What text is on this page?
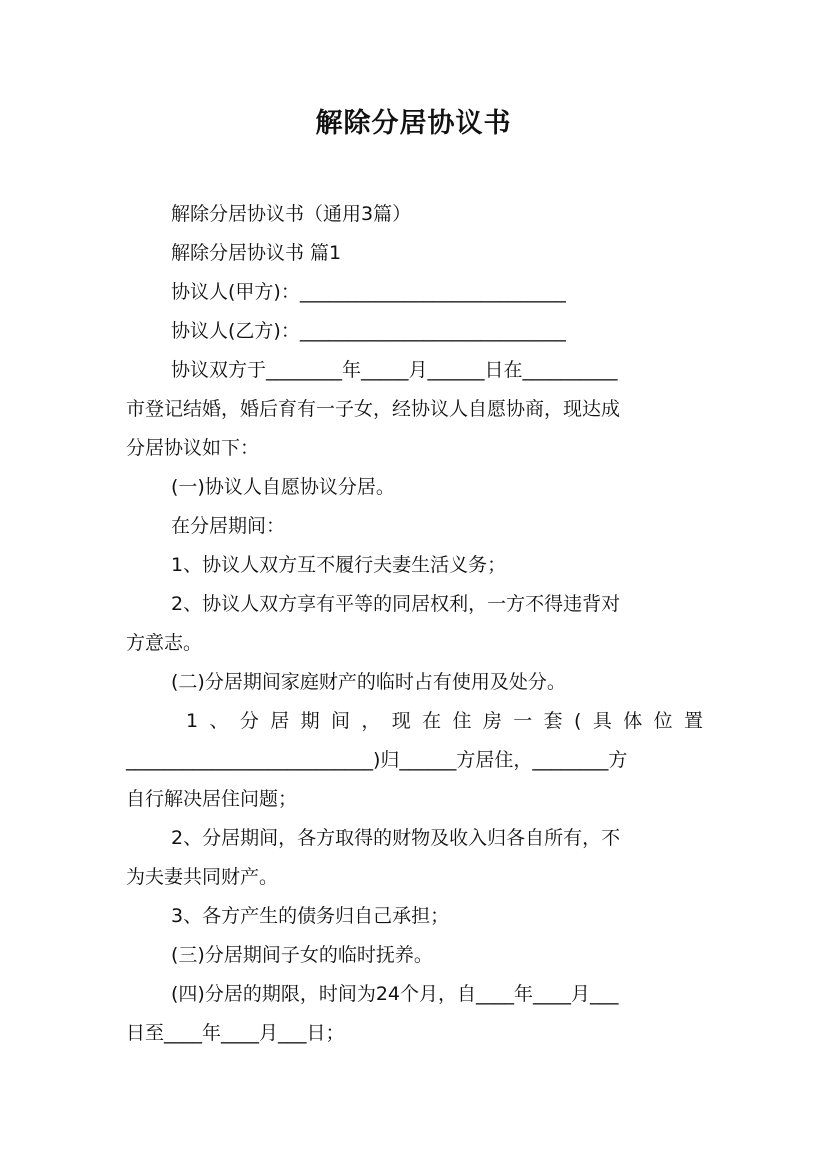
解除分居协议书
解除分居协议书（通用3篇）
解除分居协议书 篇1
协议人(甲方)：____________________________
协议人(乙方)：____________________________
协议双方于________年_____月______日在__________
市登记结婚，婚后育有一子女，经协议人自愿协商，现达成
分居协议如下：
(一)协议人自愿协议分居。
在分居期间：
1、协议人双方互不履行夫妻生活义务；
2、协议人双方享有平等的同居权利，一方不得违背对
方意志。
(二)分居期间家庭财产的临时占有使用及处分。
1、分居期间，现在住房一套(具体位置
__________________________)归______方居住，________方
自行解决居住问题；
2、分居期间，各方取得的财物及收入归各自所有，不
为夫妻共同财产。
3、各方产生的债务归自己承担；
(三)分居期间子女的临时抚养。
(四)分居的期限，时间为24个月，自____年____月___
日至____年____月___日；
